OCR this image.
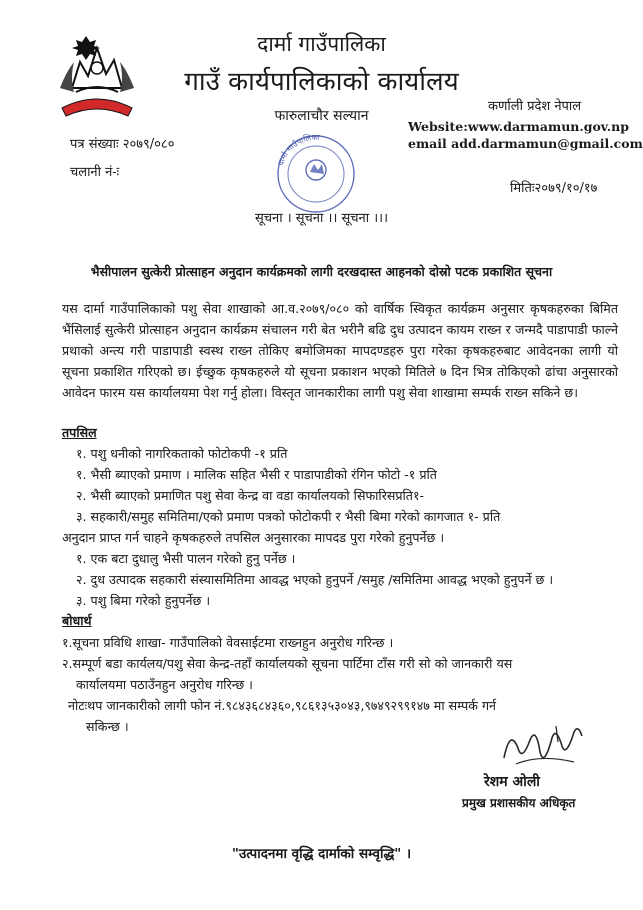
दार्मा गाउँपालिका
गाउँ कार्यपालिकाको कार्यालय
फारुलाचौर सल्यान
कर्णाली प्रदेश नेपाल
Website:www.darmamun.gov.np
email add.darmamun@gmail.com
पत्र संख्याः २०७९/०८०
चलानी नं-ः
मितिः२०७९/१०/१७
दार्मा गाउँपालिका
सूचना । सूचना ।। सूचना ।।।
भैसीपालन सुत्केरी प्रोत्साहन अनुदान कार्यक्रमको लागी दरखदास्त आहनको दोस्रो पटक प्रकाशित सूचना
यस दार्मा गाउँपालिकाको पशु सेवा शाखाको आ.व.२०७९/०८० को वार्षिक स्विकृत कार्यक्रम अनुसार कृषकहरुका बिमित भैंसिलाई सुत्केरी प्रोत्साहन अनुदान कार्यक्रम संचालन गरी बेत भरीनै बढि दुध उत्पादन कायम राख्न र जन्मदै पाडापाडी फाल्ने प्रथाको अन्त्य गरी पाडापाडी स्वस्थ राख्न तोकिए बमोजिमका मापदण्डहरु पुरा गरेका कृषकहरुबाट आवेदनका लागी यो सूचना प्रकाशित गरिएको छ। ईच्छुक कृषकहरुले यो सूचना प्रकाशन भएको मितिले ७ दिन भित्र तोकिएको ढांचा अनुसारको आवेदन फारम यस कार्यालयमा पेश गर्नु होला। विस्तृत जानकारीका लागी पशु सेवा शाखामा सम्पर्क राख्न सकिने छ।
तपसिल
१. पशु धनीको नागरिकताको फोटोकपी -१ प्रति
१. भैसी ब्याएको प्रमाण । मालिक सहित भैसी र पाडापाडीको रंगिन फोटो -१ प्रति
२. भैसी ब्याएको प्रमाणित पशु सेवा केन्द्र वा वडा कार्यालयको सिफारिसप्रति१-
३. सहकारी/समुह समितिमा/एको प्रमाण पत्रको फोटोकपी र भैसी बिमा गरेको कागजात १- प्रति
अनुदान प्राप्त गर्न चाहने कृषकहरुले तपसिल अनुसारका मापदड पुरा गरेको हुनुपर्नेछ ।
१. एक बटा दुधालु भैसी पालन गरेको हुनु पर्नेछ ।
२. दुध उत्पादक सहकारी संस्यासमितिमा आवद्ध भएको हुनुपर्ने /समुह /समितिमा आवद्ध भएको हुनुपर्ने छ ।
३. पशु बिमा गरेको हुनुपर्नेछ ।
बोधार्थ
१.सूचना प्रविधि शाखा- गाउँपालिको वेवसाईटमा राख्नहुन अनुरोध गरिन्छ ।
२.सम्पूर्ण बडा कार्यलय/पशु सेवा केन्द्र-तहाँ कार्यालयको सूचना पार्टिमा टाँस गरी सो को जानकारी यस
कार्यालयमा पठाउँनहुन अनुरोध गरिन्छ ।
नोटःथप जानकारीको लागी फोन नं.९८४३६८४३६०,९८६१३५३०४३,९७४९२९९१४७ मा सम्पर्क गर्न
सकिन्छ ।
रेशम ओली
प्रमुख प्रशासकीय अधिकृत
"उत्पादनमा वृद्धि दार्माको सम्वृद्धि" ।
